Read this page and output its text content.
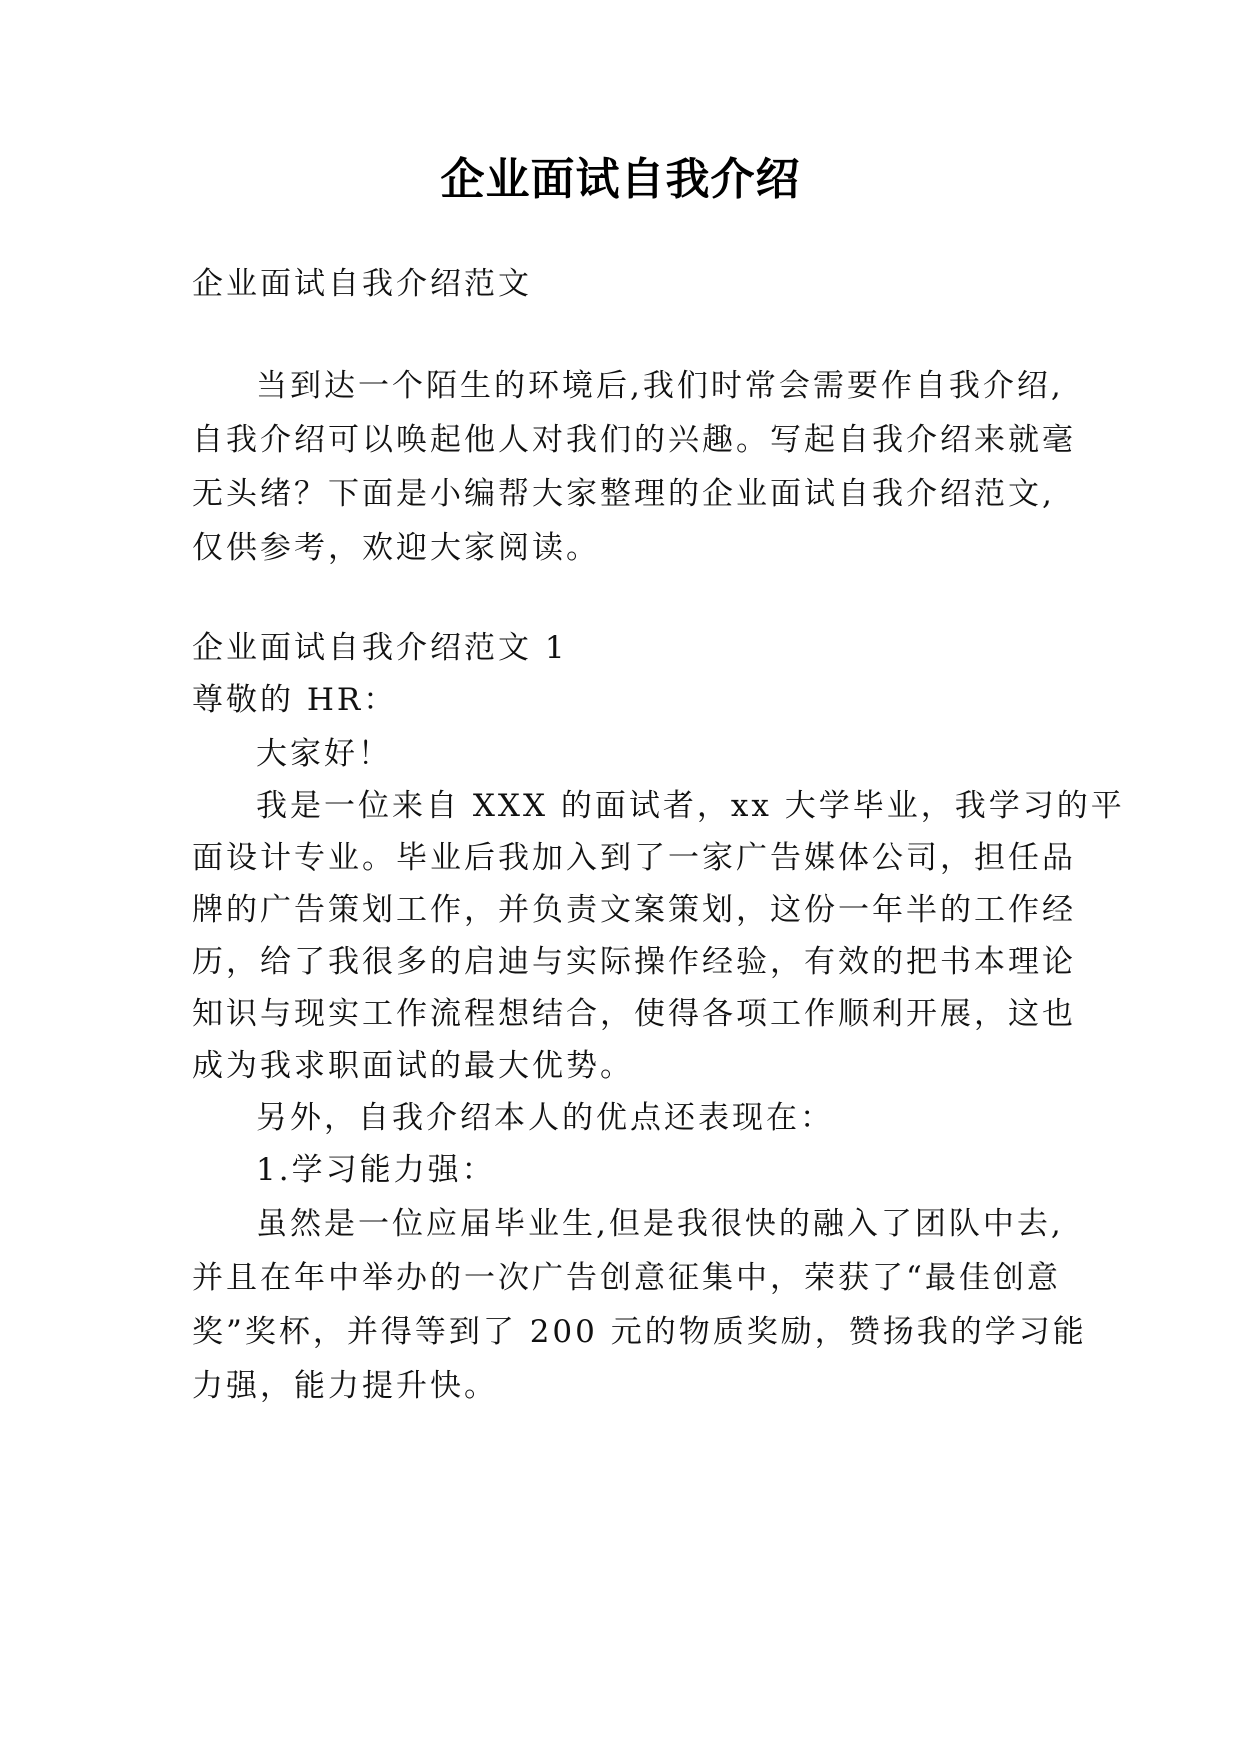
企业面试自我介绍
企业面试自我介绍范文
当到达一个陌生的环境后,我们时常会需要作自我介绍,
自我介绍可以唤起他人对我们的兴趣。写起自我介绍来就毫
无头绪？下面是小编帮大家整理的企业面试自我介绍范文,
仅供参考，欢迎大家阅读。
企业面试自我介绍范文 1
尊敬的 HR：
大家好！
我是一位来自 XXX 的面试者，xx 大学毕业，我学习的平
面设计专业。毕业后我加入到了一家广告媒体公司，担任品
牌的广告策划工作，并负责文案策划，这份一年半的工作经
历，给了我很多的启迪与实际操作经验，有效的把书本理论
知识与现实工作流程想结合，使得各项工作顺利开展，这也
成为我求职面试的最大优势。
另外，自我介绍本人的优点还表现在：
1.学习能力强：
虽然是一位应届毕业生,但是我很快的融入了团队中去,
并且在年中举办的一次广告创意征集中，荣获了“最佳创意
奖”奖杯，并得等到了 200 元的物质奖励，赞扬我的学习能
力强，能力提升快。
